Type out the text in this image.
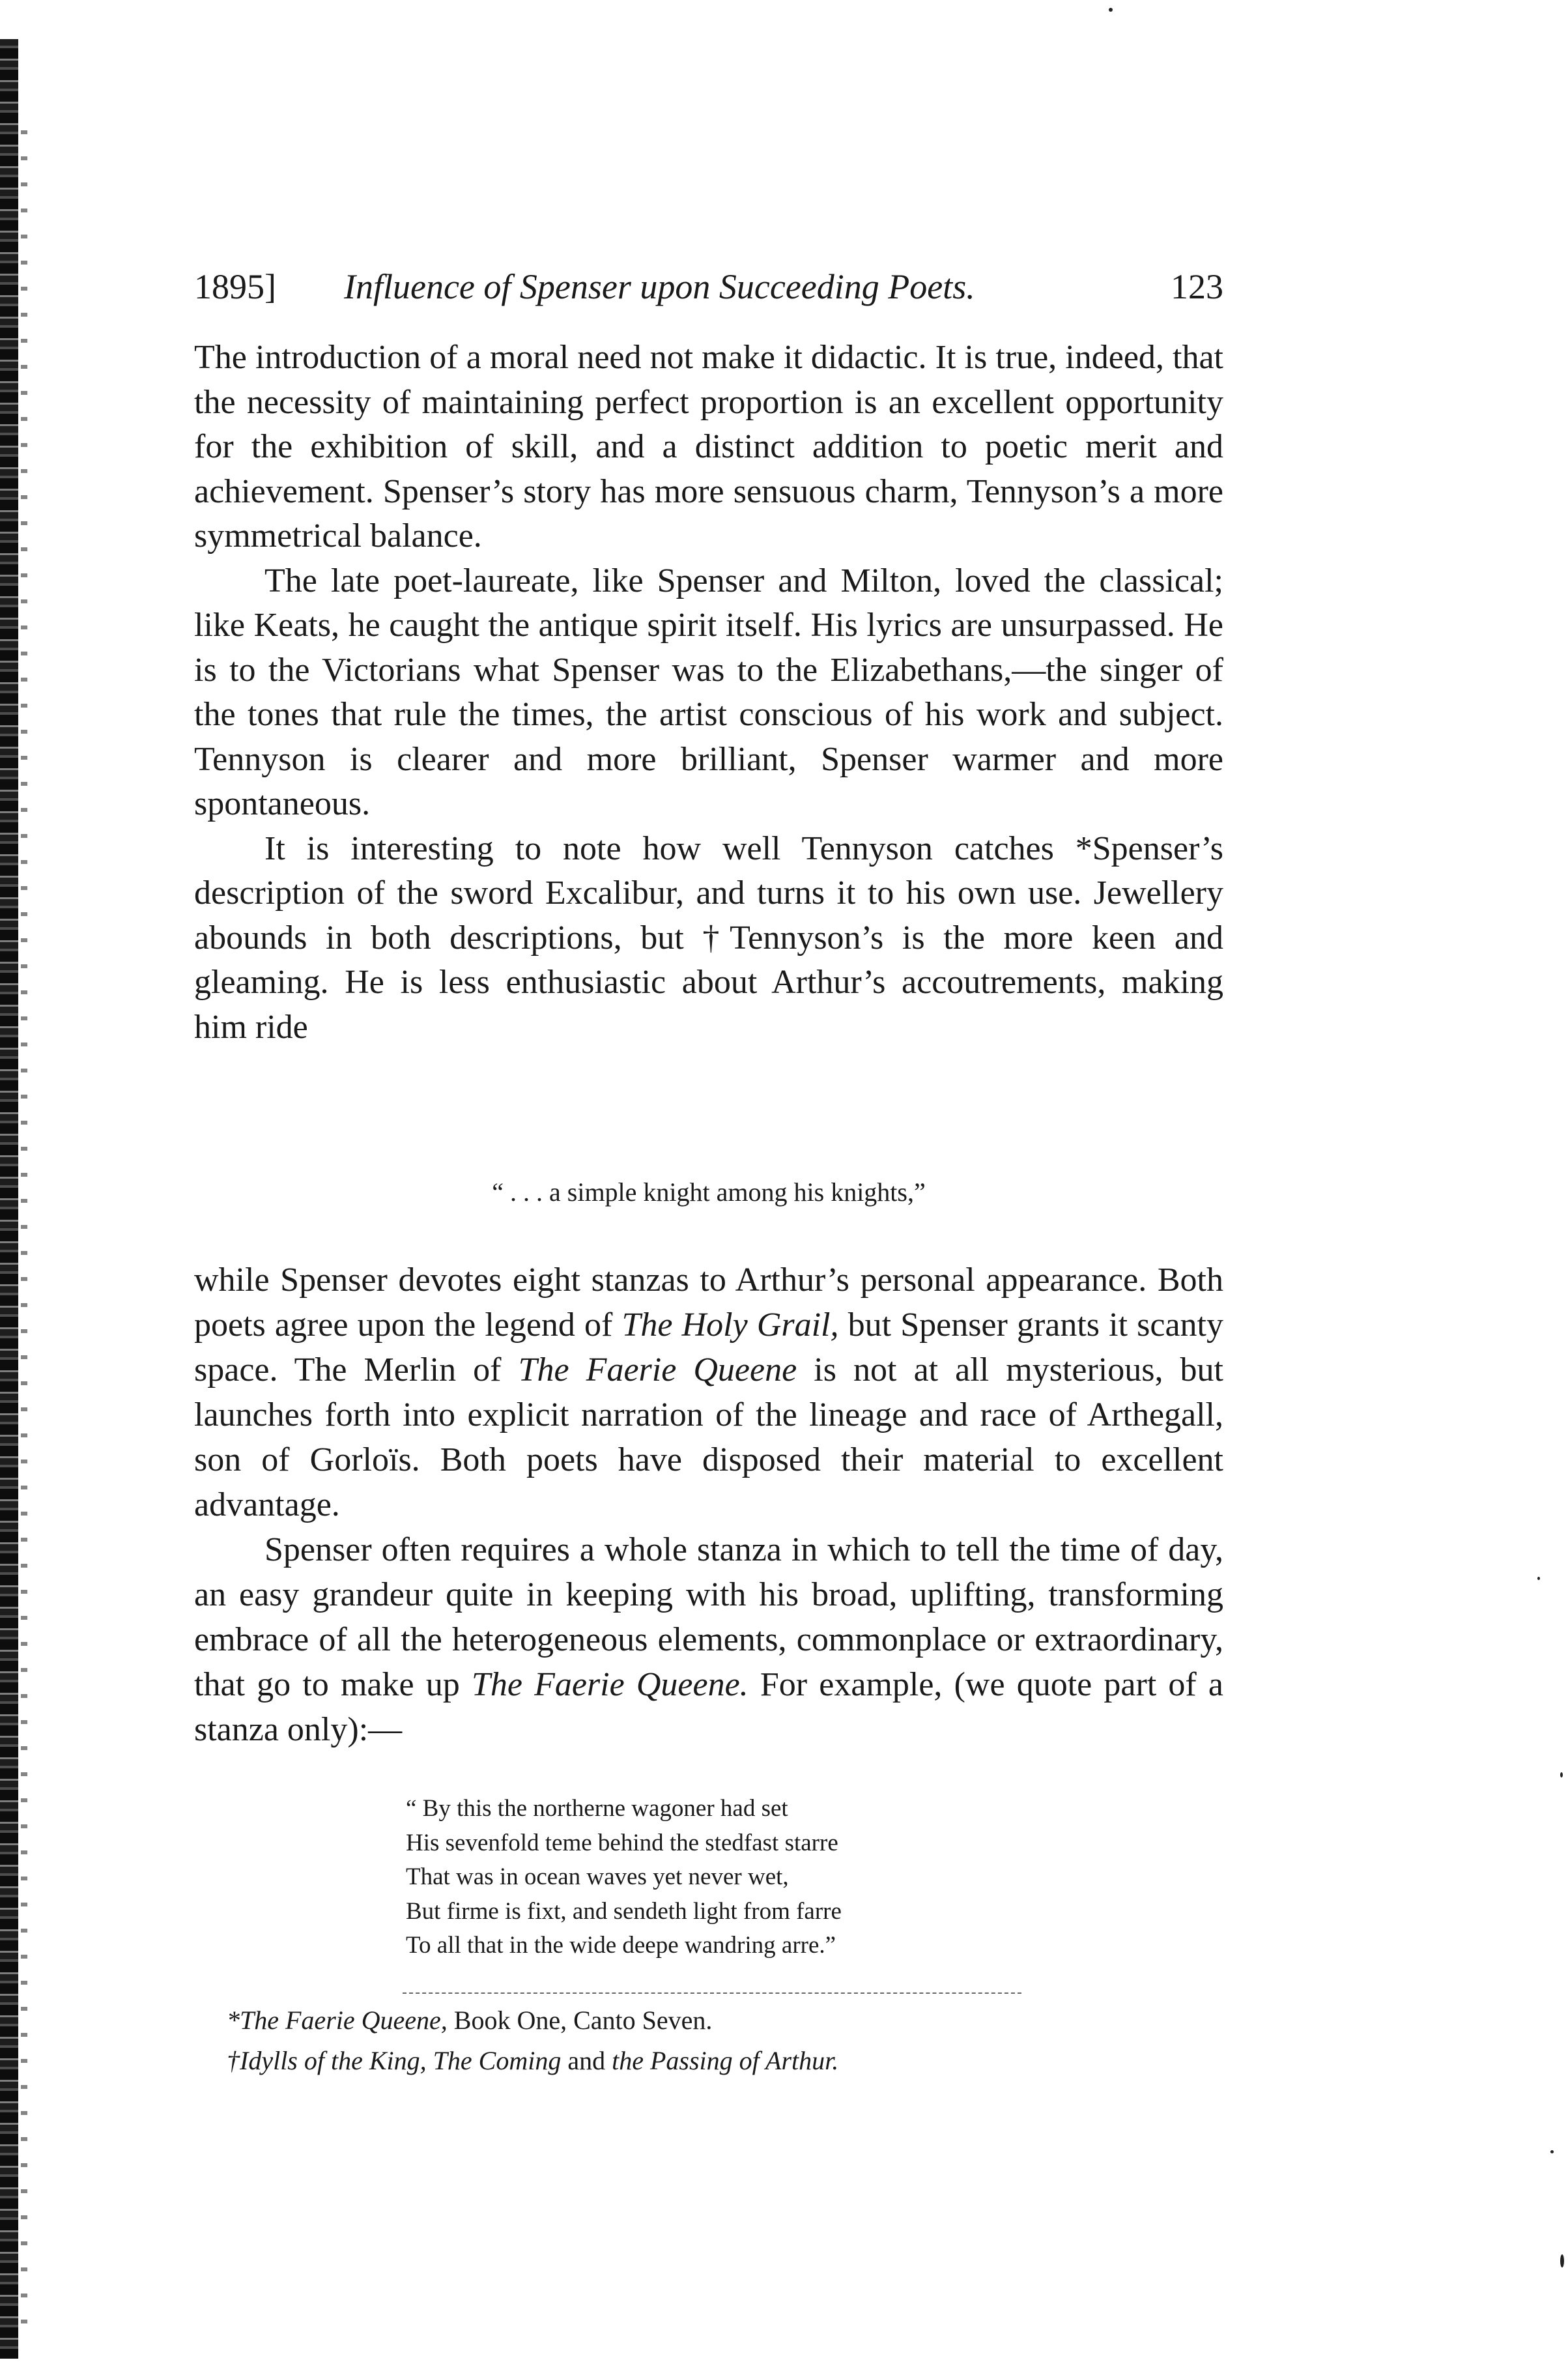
1895] Influence of Spenser upon Succeeding Poets.	123

The introduction of a moral need not make it didactic. It is true, indeed, that the necessity of maintaining perfect proportion is an excellent opportunity for the exhibition of skill, and a distinct addition to poetic merit and achievement. Spenser’s story has more sensuous charm, Tennyson’s a more symmetrical balance.

The late poet-laureate, like Spenser and Milton, loved the classical; like Keats, he caught the antique spirit itself. His lyrics are unsurpassed. He is to the Victorians what Spenser was to the Elizabethans,—the singer of the tones that rule the times, the artist conscious of his work and subject. Tennyson is clearer and more brilliant, Spenser warmer and more spontaneous.

It is interesting to note how well Tennyson catches *Spenser’s description of the sword Excalibur, and turns it to his own use. Jewellery abounds in both descriptions, but †Tennyson’s is the more keen and gleaming. He is less enthusiastic about Arthur’s accoutrements, making him ride

“ . . . a simple knight among his knights,”

while Spenser devotes eight stanzas to Arthur’s personal appearance. Both poets agree upon the legend of The Holy Grail, but Spenser grants it scanty space. The Merlin of The Faerie Queene is not at all mysterious, but launches forth into explicit narration of the lineage and race of Arthegall, son of Gorloïs. Both poets have disposed their material to excellent advantage.

Spenser often requires a whole stanza in which to tell the time of day, an easy grandeur quite in keeping with his broad, uplifting, transforming embrace of all the heterogeneous elements, commonplace or extraordinary, that go to make up The Faerie Queene. For example, (we quote part of a stanza only):—

“ By this the northerne wagoner had set
His sevenfold teme behind the stedfast starre
That was in ocean waves yet never wet,
But firme is fixt, and sendeth light from farre
To all that in the wide deepe wandring arre.”
*The Faerie Queene, Book One, Canto Seven.
†Idylls of the King, The Coming and the Passing of Arthur.
